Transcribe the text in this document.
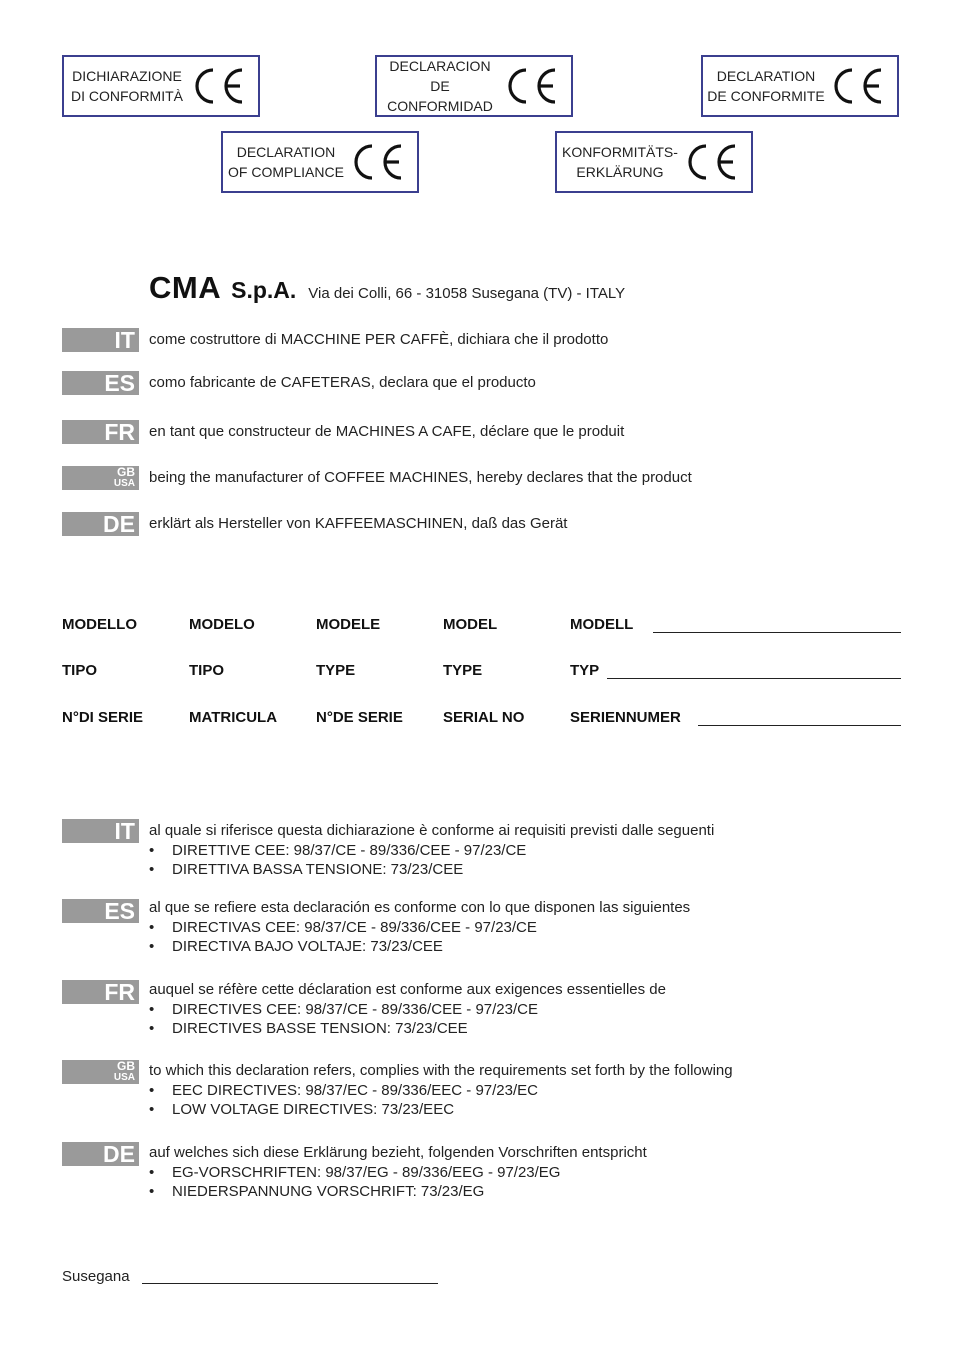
DICHIARAZIONE
DI CONFORMITÀ
DECLARACION
DE CONFORMIDAD
DECLARATION
DE CONFORMITE
DECLARATION
OF COMPLIANCE
KONFORMITÄTS-
ERKLÄRUNG
CMA S.p.A. Via dei Colli, 66 - 31058 Susegana (TV) - ITALY
IT come costruttore di MACCHINE PER CAFFÈ, dichiara che il prodotto
ES como fabricante de CAFETERAS, declara que el producto
FR en tant que constructeur de MACHINES A CAFE, déclare que le produit
GB
USA being the manufacturer of COFFEE MACHINES, hereby declares that the product
DE erklärt als Hersteller von KAFFEEMASCHINEN, daß das Gerät
MODELLO	MODELO	MODELE	MODEL	MODELL
TIPO	TIPO	TYPE	TYPE	TYP
N°DI SERIE	MATRICULA	N°DE SERIE	SERIAL NO	SERIENNUMER
IT al quale si riferisce questa dichiarazione è conforme ai requisiti previsti dalle seguenti
•	DIRETTIVE CEE: 98/37/CE - 89/336/CEE - 97/23/CE
•	DIRETTIVA BASSA TENSIONE: 73/23/CEE
ES al que se refiere esta declaración es conforme con lo que disponen las siguientes
•	DIRECTIVAS CEE: 98/37/CE - 89/336/CEE - 97/23/CE
•	DIRECTIVA BAJO VOLTAJE: 73/23/CEE
FR auquel se réfère cette déclaration est conforme aux exigences essentielles de
•	DIRECTIVES CEE: 98/37/CE - 89/336/CEE - 97/23/CE
•	DIRECTIVES BASSE TENSION: 73/23/CEE
GB
USA to which this declaration refers, complies with the requirements set forth by the following
•	EEC DIRECTIVES: 98/37/EC - 89/336/EEC - 97/23/EC
•	LOW VOLTAGE DIRECTIVES: 73/23/EEC
DE auf welches sich diese Erklärung bezieht, folgenden Vorschriften entspricht
•	EG-VORSCHRIFTEN: 98/37/EG - 89/336/EEG - 97/23/EG
•	NIEDERSPANNUNG VORSCHRIFT: 73/23/EG
Susegana
